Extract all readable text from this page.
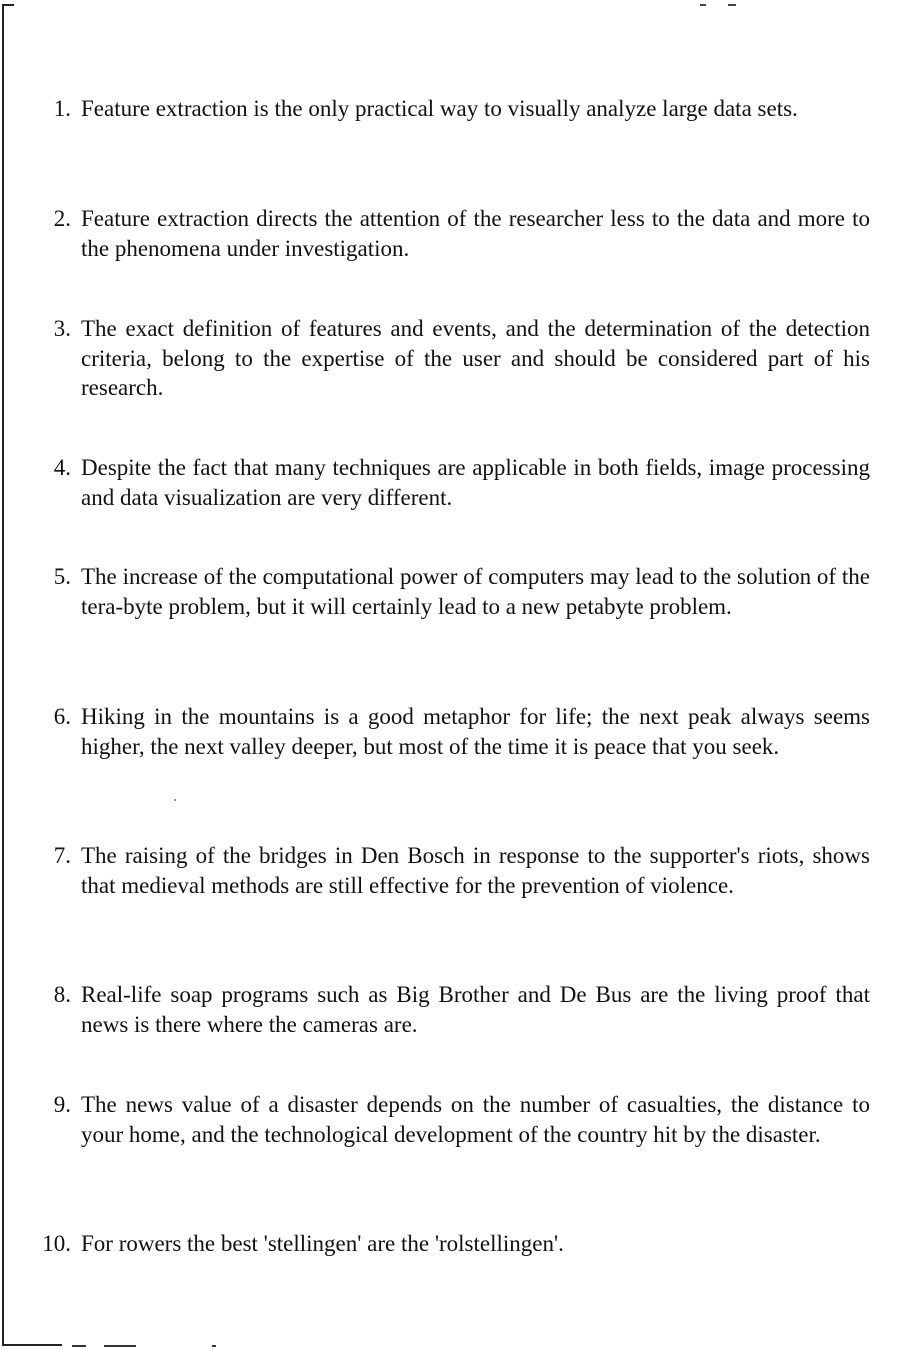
1. Feature extraction is the only practical way to visually analyze large data sets.

2. Feature extraction directs the attention of the researcher less to the data and more to the phenomena under investigation.

3. The exact definition of features and events, and the determination of the detection criteria, belong to the expertise of the user and should be considered part of his research.

4. Despite the fact that many techniques are applicable in both fields, image processing and data visualization are very different.

5. The increase of the computational power of computers may lead to the solution of the tera-byte problem, but it will certainly lead to a new petabyte problem.

6. Hiking in the mountains is a good metaphor for life; the next peak always seems higher, the next valley deeper, but most of the time it is peace that you seek.

7. The raising of the bridges in Den Bosch in response to the supporter's riots, shows that medieval methods are still effective for the prevention of violence.

8. Real-life soap programs such as Big Brother and De Bus are the living proof that news is there where the cameras are.

9. The news value of a disaster depends on the number of casualties, the distance to your home, and the technological development of the country hit by the disaster.

10. For rowers the best 'stellingen' are the 'rolstellingen'.
